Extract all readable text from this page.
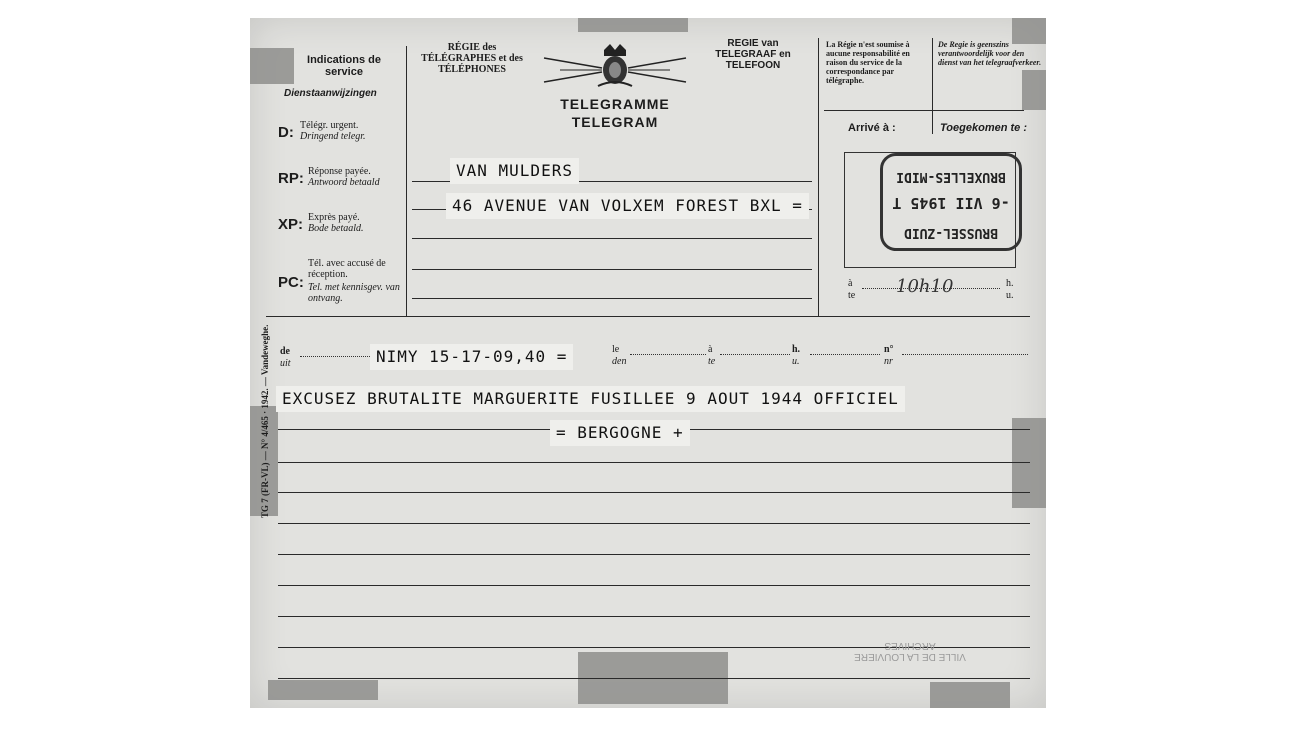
Indications de service
Dienstaanwijzingen
D: Télégr. urgent.
Dringend telegr.
RP: Réponse payée.
Antwoord betaald
XP: Exprès payé.
Bode betaald.
PC:
Tél. avec accusé de réception.
Tel. met kennisgev. van ontvang.
TG 7 (FR-VL) — N° 4/465 · 1942. — Vandeweghe.
RÉGIE des
TÉLÉGRAPHES et des
TÉLÉPHONES
TELEGRAMME
TELEGRAM
REGIE van
TELEGRAAF en
TELEFOON
La Régie n'est soumise à aucune responsabilité en raison du service de la correspondance par télégraphe.
De Regie is geenszins verantwoordelijk voor den dienst van het telegraafverkeer.
Arrivé à :	Toegekomen te :
BRUSSEL-ZUID
-6 VII 1945 T
BRUXELLES-MIDI
à
te 10h10	h.
u.
VAN MULDERS
46 AVENUE VAN VOLXEM FOREST BXL =
de
uit	NIMY 15-17-09,40 =	le
den
à
te
h.
u.
n°
nr
EXCUSEZ BRUTALITE MARGUERITE FUSILLEE 9 AOUT 1944 OFFICIEL
= BERGOGNE +
VILLE DE LA LOUVIERE
ARCHIVES
